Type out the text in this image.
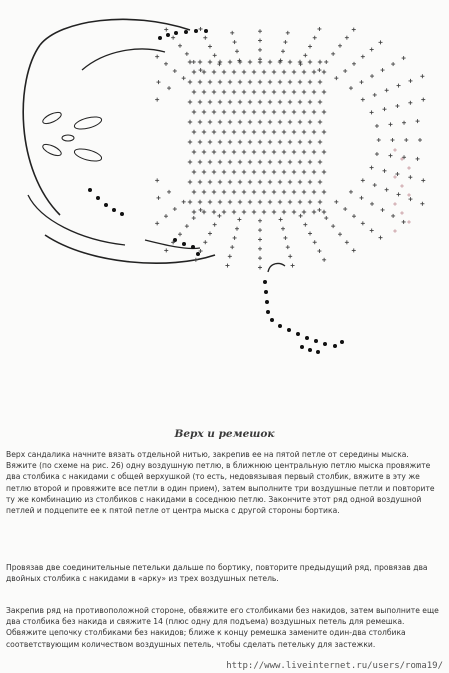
Верх и ремешок

Верх сандалика начните вязать отдельной нитью, закрепив ее на пятой петле от середины мыска. Вяжите (по схеме на рис. 26) одну воздушную петлю, в ближнюю центральную петлю мыска провяжите два столбика с накидами с общей верхушкой (то есть, недовязывая первый столбик, вяжите в эту же петлю второй и провяжите все петли в один прием), затем выполните три воздушные петли и повторите ту же комбинацию из столбиков с накидами в соседнюю петлю. Закончите этот ряд одной воздушной петлей и подцепите ее к пятой петле от центра мыска с другой стороны бортика.

Провязав две соединительные петельки дальше по бортику, повторите предыдущий ряд, провязав два двойных столбика с накидами в «арку» из трех воздушных петель.

Закрепив ряд на противоположной стороне, обвяжите его столбиками без накидов, затем выполните еще два столбика без накида и свяжите 14 (плюс одну для подъема) воздушных петель для ремешка. Обвяжите цепочку столбиками без накидов; ближе к концу ремешка замените один-два столбика соответствующим количеством воздушных петель, чтобы сделать петельку для застежки.

http://www.liveinternet.ru/users/roma19/
